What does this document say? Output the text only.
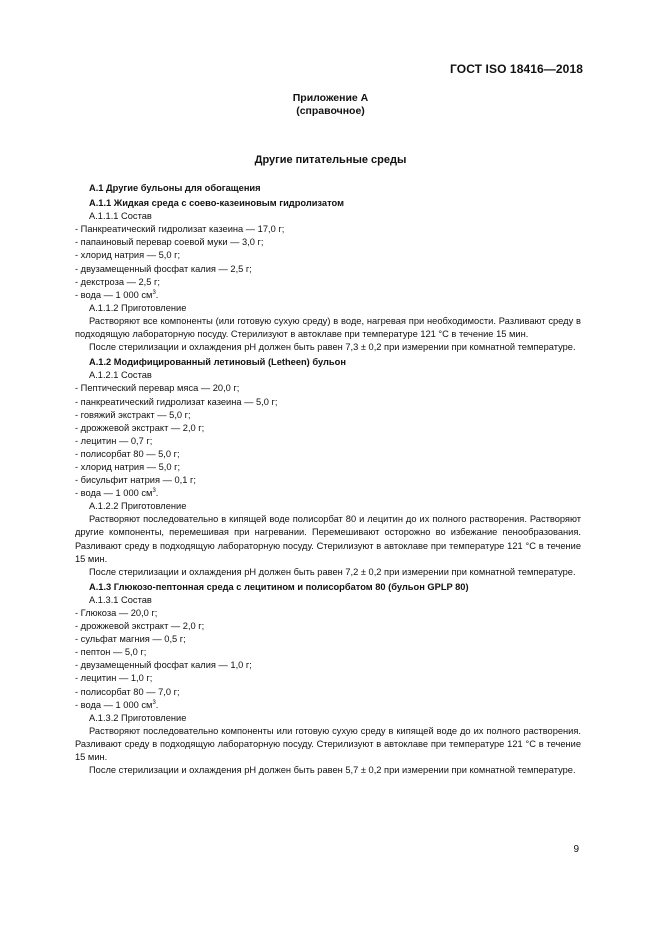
ГОСТ ISO 18416—2018
Приложение А
(справочное)
Другие питательные среды
А.1 Другие бульоны для обогащения
А.1.1 Жидкая среда с соево-казеиновым гидролизатом
А.1.1.1 Состав
- Панкреатический гидролизат казеина — 17,0 г;
- папаиновый перевар соевой муки — 3,0 г;
- хлорид натрия — 5,0 г;
- двузамещенный фосфат калия — 2,5 г;
- декстроза — 2,5 г;
- вода — 1 000 $см^3$.
А.1.1.2 Приготовление
Растворяют все компоненты (или готовую сухую среду) в воде, нагревая при необходимости. Разливают среду в подходящую лабораторную посуду. Стерилизуют в автоклаве при температуре 121 °С в течение 15 мин.
После стерилизации и охлаждения рН должен быть равен 7,3 ± 0,2 при измерении при комнатной температуре.
А.1.2 Модифицированный летиновый (Letheen) бульон
А.1.2.1 Состав
- Пептический перевар мяса — 20,0 г;
- панкреатический гидролизат казеина — 5,0 г;
- говяжий экстракт — 5,0 г;
- дрожжевой экстракт — 2,0 г;
- лецитин — 0,7 г;
- полисорбат 80 — 5,0 г;
- хлорид натрия — 5,0 г;
- бисульфит натрия — 0,1 г;
- вода — 1 000 $см^3$.
А.1.2.2 Приготовление
Растворяют последовательно в кипящей воде полисорбат 80 и лецитин до их полного растворения. Растворяют другие компоненты, перемешивая при нагревании. Перемешивают осторожно во избежание пенообразования. Разливают среду в подходящую лабораторную посуду. Стерилизуют в автоклаве при температуре 121 °С в течение 15 мин.
После стерилизации и охлаждения рН должен быть равен 7,2 ± 0,2 при измерении при комнатной температуре.
А.1.3 Глюкозо-пептонная среда с лецитином и полисорбатом 80 (бульон GPLP 80)
А.1.3.1 Состав
- Глюкоза — 20,0 г;
- дрожжевой экстракт — 2,0 г;
- сульфат магния — 0,5 г;
- пептон — 5,0 г;
- двузамещенный фосфат калия — 1,0 г;
- лецитин — 1,0 г;
- полисорбат 80 — 7,0 г;
- вода — 1 000 $см^3$.
А.1.3.2 Приготовление
Растворяют последовательно компоненты или готовую сухую среду в кипящей воде до их полного растворения. Разливают среду в подходящую лабораторную посуду. Стерилизуют в автоклаве при температуре 121 °С в течение 15 мин.
После стерилизации и охлаждения рН должен быть равен 5,7 ± 0,2 при измерении при комнатной температуре.
9
